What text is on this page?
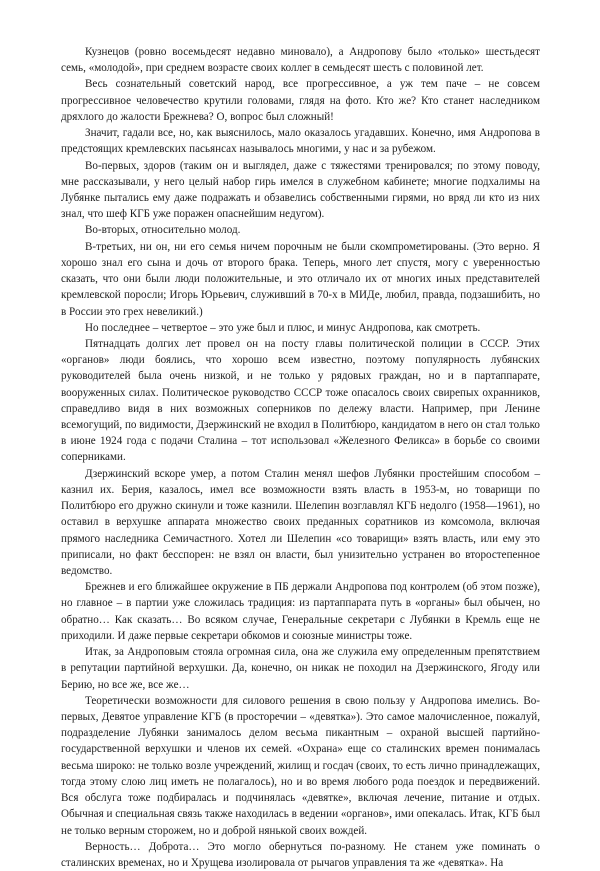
Кузнецов (ровно восемьдесят недавно миновало), а Андропову было «только» шестьдесят семь, «молодой», при среднем возрасте своих коллег в семьдесят шесть с половиной лет.

Весь сознательный советский народ, все прогрессивное, а уж тем паче – не совсем прогрессивное человечество крутили головами, глядя на фото. Кто же? Кто станет наследником дряхлого до жалости Брежнева? О, вопрос был сложный!

Значит, гадали все, но, как выяснилось, мало оказалось угадавших. Конечно, имя Андропова в предстоящих кремлевских пасьянсах называлось многими, у нас и за рубежом.

Во-первых, здоров (таким он и выглядел, даже с тяжестями тренировался; по этому поводу, мне рассказывали, у него целый набор гирь имелся в служебном кабинете; многие подхалимы на Лубянке пытались ему даже подражать и обзавелись собственными гирями, но вряд ли кто из них знал, что шеф КГБ уже поражен опаснейшим недугом).

Во-вторых, относительно молод.

В-третьих, ни он, ни его семья ничем порочным не были скомпрометированы. (Это верно. Я хорошо знал его сына и дочь от второго брака. Теперь, много лет спустя, могу с уверенностью сказать, что они были люди положительные, и это отличало их от многих иных представителей кремлевской поросли; Игорь Юрьевич, служивший в 70-х в МИДе, любил, правда, подзашибить, но в России это грех невеликий.)

Но последнее – четвертое – это уже был и плюс, и минус Андропова, как смотреть.

Пятнадцать долгих лет провел он на посту главы политической полиции в СССР. Этих «органов» люди боялись, что хорошо всем известно, поэтому популярность лубянских руководителей была очень низкой, и не только у рядовых граждан, но и в партаппарате, вооруженных силах. Политическое руководство СССР тоже опасалось своих свирепых охранников, справедливо видя в них возможных соперников по дележу власти. Например, при Ленине всемогущий, по видимости, Дзержинский не входил в Политбюро, кандидатом в него он стал только в июне 1924 года с подачи Сталина – тот использовал «Железного Феликса» в борьбе со своими соперниками.

Дзержинский вскоре умер, а потом Сталин менял шефов Лубянки простейшим способом – казнил их. Берия, казалось, имел все возможности взять власть в 1953-м, но товарищи по Политбюро его дружно скинули и тоже казнили. Шелепин возглавлял КГБ недолго (1958—1961), но оставил в верхушке аппарата множество своих преданных соратников из комсомола, включая прямого наследника Семичастного. Хотел ли Шелепин «со товарищи» взять власть, или ему это приписали, но факт бесспорен: не взял он власти, был унизительно устранен во второстепенное ведомство.

Брежнев и его ближайшее окружение в ПБ держали Андропова под контролем (об этом позже), но главное – в партии уже сложилась традиция: из партаппарата путь в «органы» был обычен, но обратно… Как сказать… Во всяком случае, Генеральные секретари с Лубянки в Кремль еще не приходили. И даже первые секретари обкомов и союзные министры тоже.

Итак, за Андроповым стояла огромная сила, она же служила ему определенным препятствием в репутации партийной верхушки. Да, конечно, он никак не походил на Дзержинского, Ягоду или Берию, но все же, все же…

Теоретически возможности для силового решения в свою пользу у Андропова имелись. Во-первых, Девятое управление КГБ (в просторечии – «девятка»). Это самое малочисленное, пожалуй, подразделение Лубянки занималось делом весьма пикантным – охраной высшей партийно-государственной верхушки и членов их семей. «Охрана» еще со сталинских времен понималась весьма широко: не только возле учреждений, жилищ и госдач (своих, то есть лично принадлежащих, тогда этому слою лиц иметь не полагалось), но и во время любого рода поездок и передвижений. Вся обслуга тоже подбиралась и подчинялась «девятке», включая лечение, питание и отдых. Обычная и специальная связь также находилась в ведении «органов», ими опекалась. Итак, КГБ был не только верным сторожем, но и доброй нянькой своих вождей.

Верность… Доброта… Это могло обернуться по-разному. Не станем уже поминать о сталинских временах, но и Хрущева изолировала от рычагов управления та же «девятка». На
